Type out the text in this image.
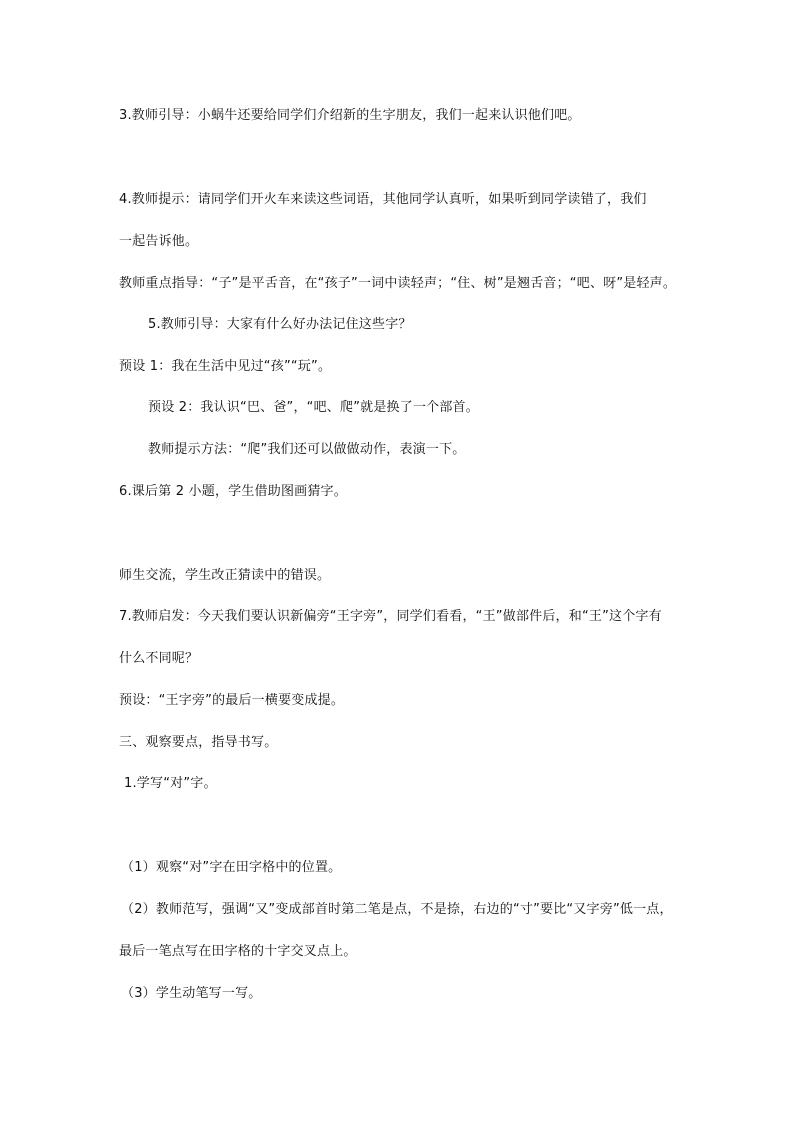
3.教师引导：小蜗牛还要给同学们介绍新的生字朋友，我们一起来认识他们吧。
4.教师提示：请同学们开火车来读这些词语，其他同学认真听，如果听到同学读错了，我们
一起告诉他。
教师重点指导：“子”是平舌音，在“孩子”一词中读轻声；“住、树”是翘舌音；“吧、呀”是轻声。
5.教师引导：大家有什么好办法记住这些字？
预设 1：我在生活中见过“孩”“玩”。
预设 2：我认识“巴、爸”，“吧、爬”就是换了一个部首。
教师提示方法：“爬”我们还可以做做动作，表演一下。
6.课后第 2 小题，学生借助图画猜字。
师生交流，学生改正猜读中的错误。
7.教师启发：今天我们要认识新偏旁“王字旁”，同学们看看，“王”做部件后，和“王”这个字有
什么不同呢？
预设：“王字旁”的最后一横要变成提。
三、观察要点，指导书写。
1.学写“对”字。
（1）观察“对”字在田字格中的位置。
（2）教师范写，强调“又”变成部首时第二笔是点，不是捺，右边的“寸”要比“又字旁”低一点，
最后一笔点写在田字格的十字交叉点上。
（3）学生动笔写一写。
